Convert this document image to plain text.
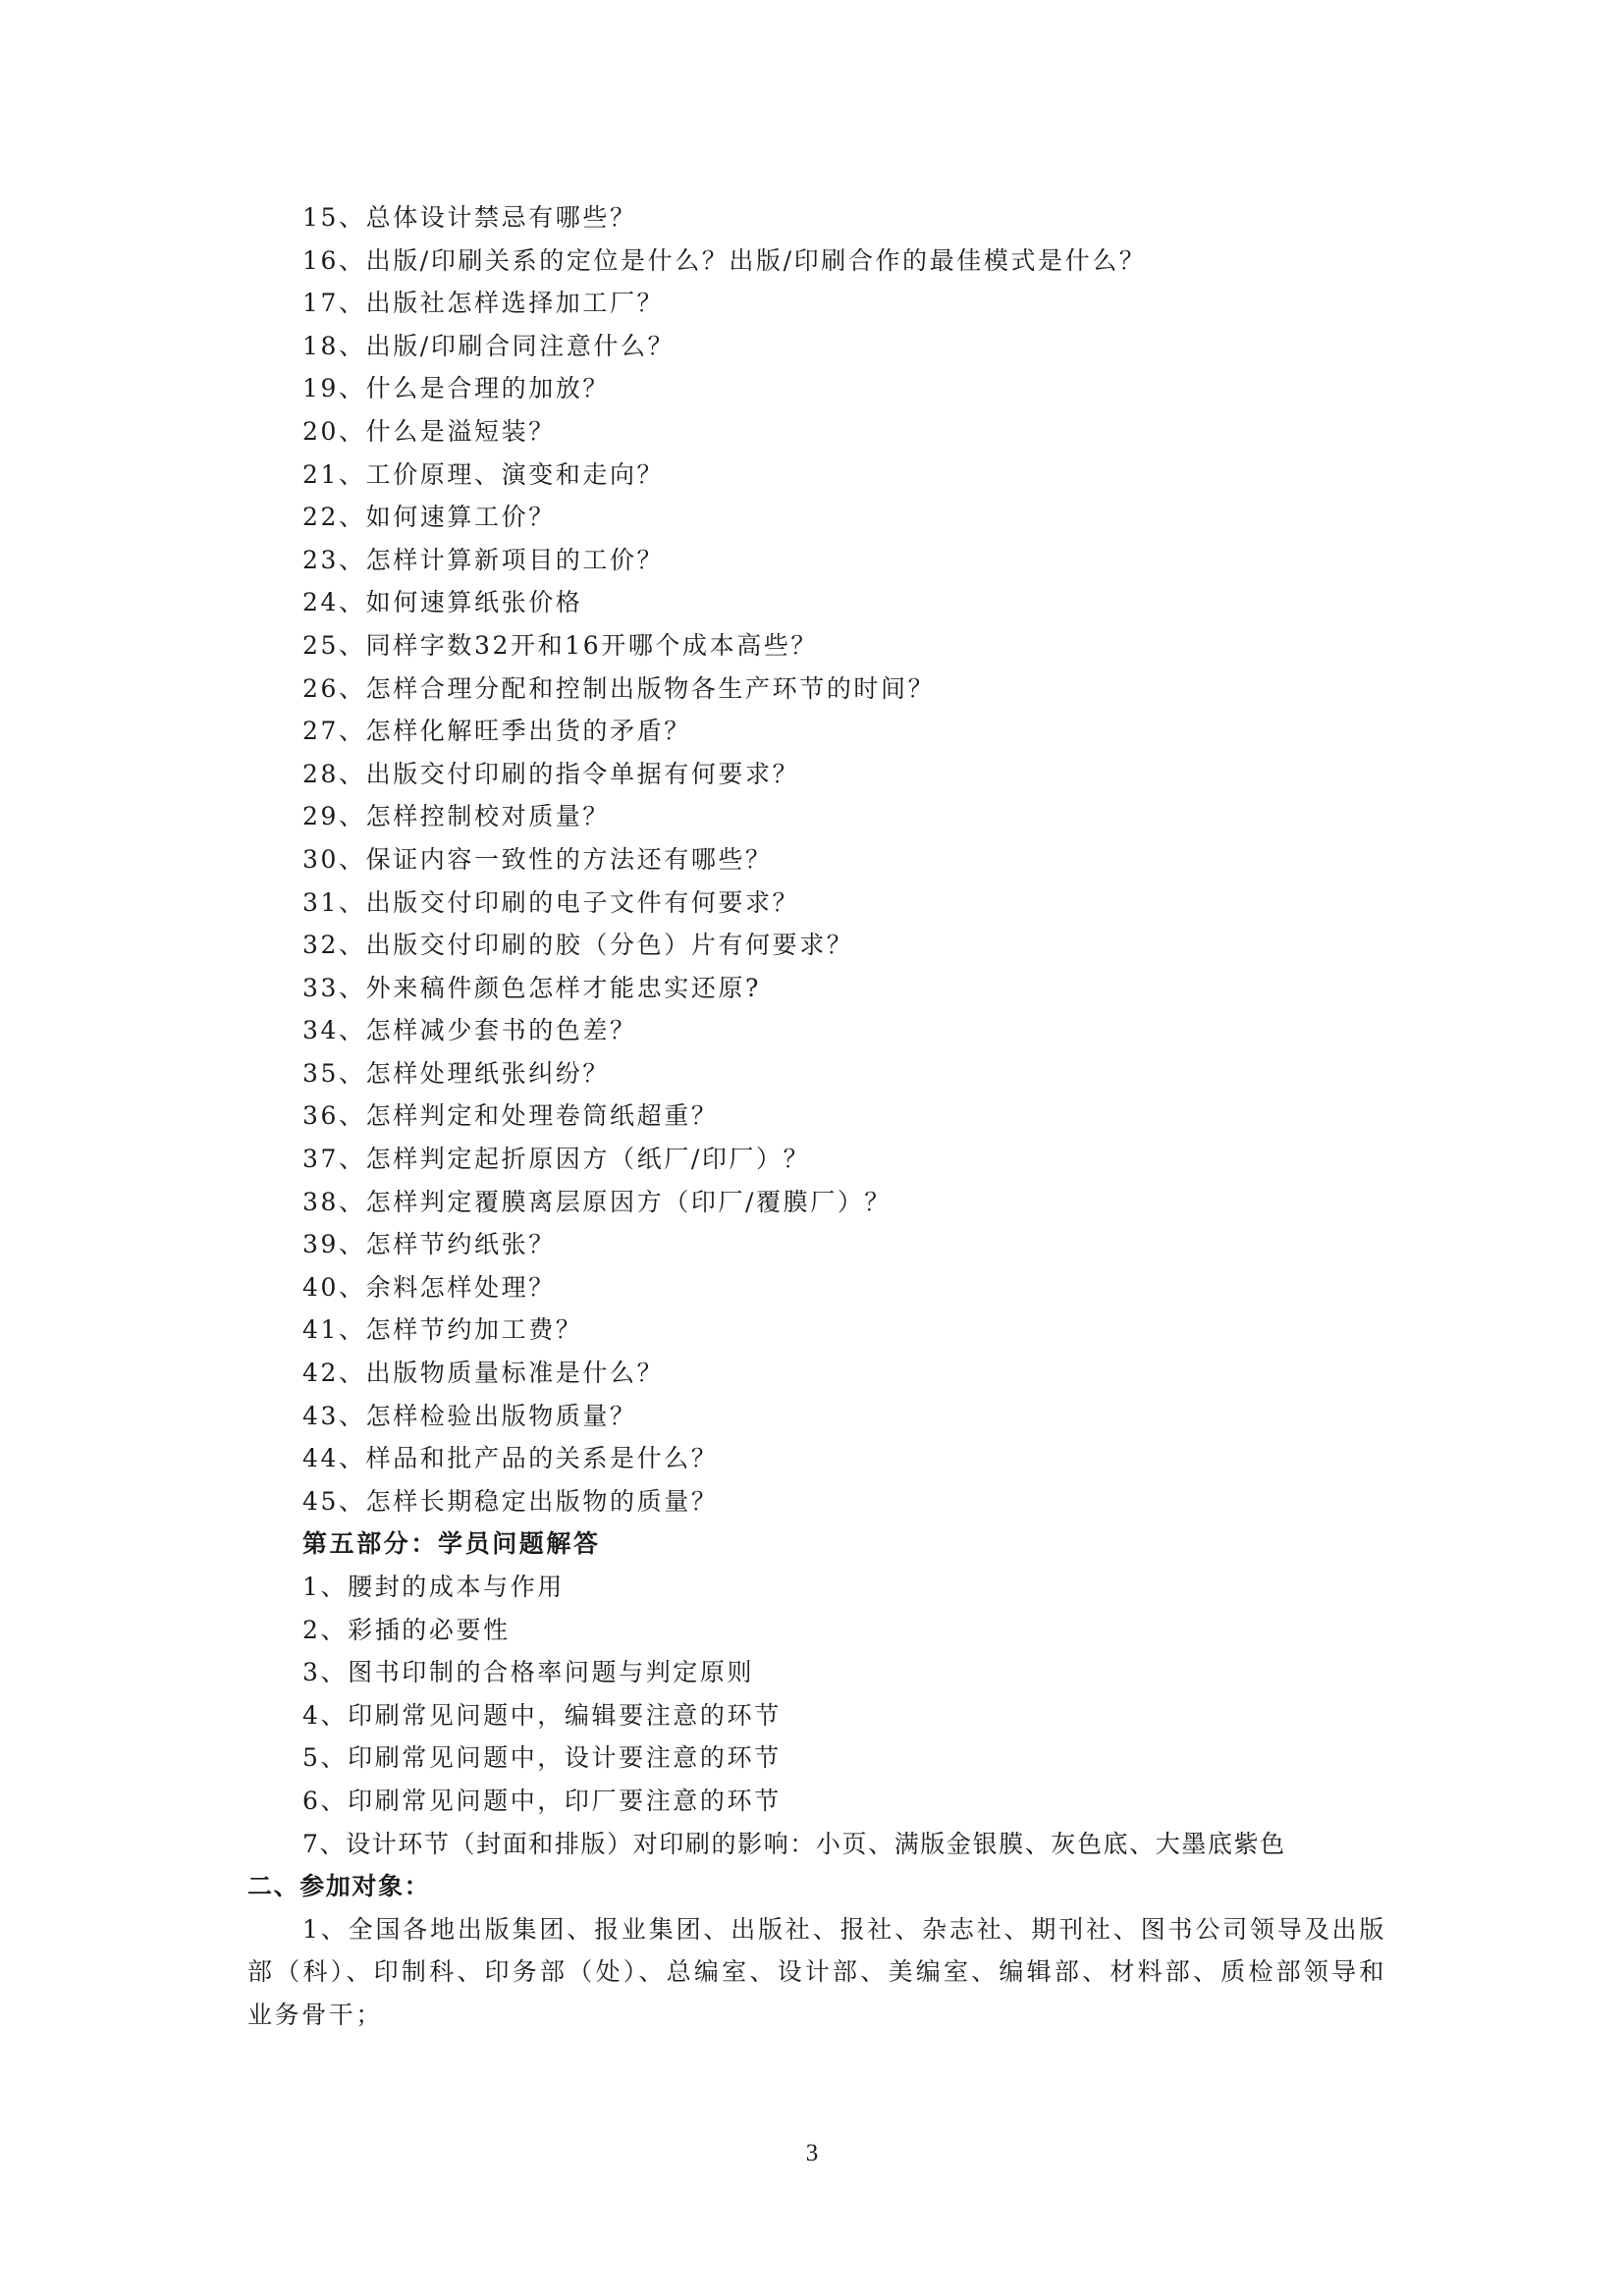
15、总体设计禁忌有哪些？
16、出版/印刷关系的定位是什么？出版/印刷合作的最佳模式是什么？
17、出版社怎样选择加工厂？
18、出版/印刷合同注意什么？
19、什么是合理的加放？
20、什么是溢短装？
21、工价原理、演变和走向？
22、如何速算工价？
23、怎样计算新项目的工价？
24、如何速算纸张价格
25、同样字数32开和16开哪个成本高些？
26、怎样合理分配和控制出版物各生产环节的时间？
27、怎样化解旺季出货的矛盾？
28、出版交付印刷的指令单据有何要求？
29、怎样控制校对质量？
30、保证内容一致性的方法还有哪些？
31、出版交付印刷的电子文件有何要求？
32、出版交付印刷的胶（分色）片有何要求？
33、外来稿件颜色怎样才能忠实还原?
34、怎样减少套书的色差？
35、怎样处理纸张纠纷？
36、怎样判定和处理卷筒纸超重？
37、怎样判定起折原因方（纸厂/印厂）？
38、怎样判定覆膜离层原因方（印厂/覆膜厂）？
39、怎样节约纸张？
40、余料怎样处理？
41、怎样节约加工费？
42、出版物质量标准是什么？
43、怎样检验出版物质量？
44、样品和批产品的关系是什么？
45、怎样长期稳定出版物的质量？
第五部分：学员问题解答
1、腰封的成本与作用
2、彩插的必要性
3、图书印制的合格率问题与判定原则
4、印刷常见问题中，编辑要注意的环节
5、印刷常见问题中，设计要注意的环节
6、印刷常见问题中，印厂要注意的环节
7、设计环节（封面和排版）对印刷的影响：小页、满版金银膜、灰色底、大墨底紫色
二、参加对象：
1、全国各地出版集团、报业集团、出版社、报社、杂志社、期刊社、图书公司领导及出版部（科）、印制科、印务部（处）、总编室、设计部、美编室、编辑部、材料部、质检部领导和业务骨干；
3
